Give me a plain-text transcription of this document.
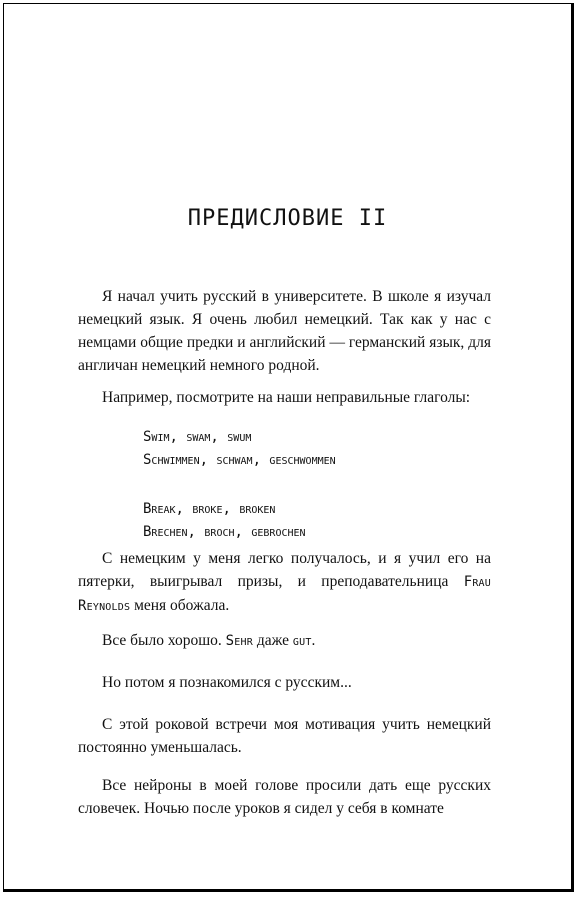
ПРЕДИСЛОВИЕ II
Я начал учить русский в университете. В школе я изучал немецкий язык. Я очень любил немецкий. Так как у нас с немцами общие предки и английский — германский язык, для англичан немецкий немного родной.
Например, посмотрите на наши неправильные глаголы:
Swim, swam, swum
Schwimmen, schwam, geschwommen
Break, broke, broken
Brechen, broch, gebrochen
С немецким у меня легко получалось, и я учил его на пятерки, выигрывал призы, и преподавательница Frau Reynolds меня обожала.
Все было хорошо. Sehr даже gut.
Но потом я познакомился с русским...
С этой роковой встречи моя мотивация учить немецкий постоянно уменьшалась.
Все нейроны в моей голове просили дать еще русских словечек. Ночью после уроков я сидел у себя в комнате
